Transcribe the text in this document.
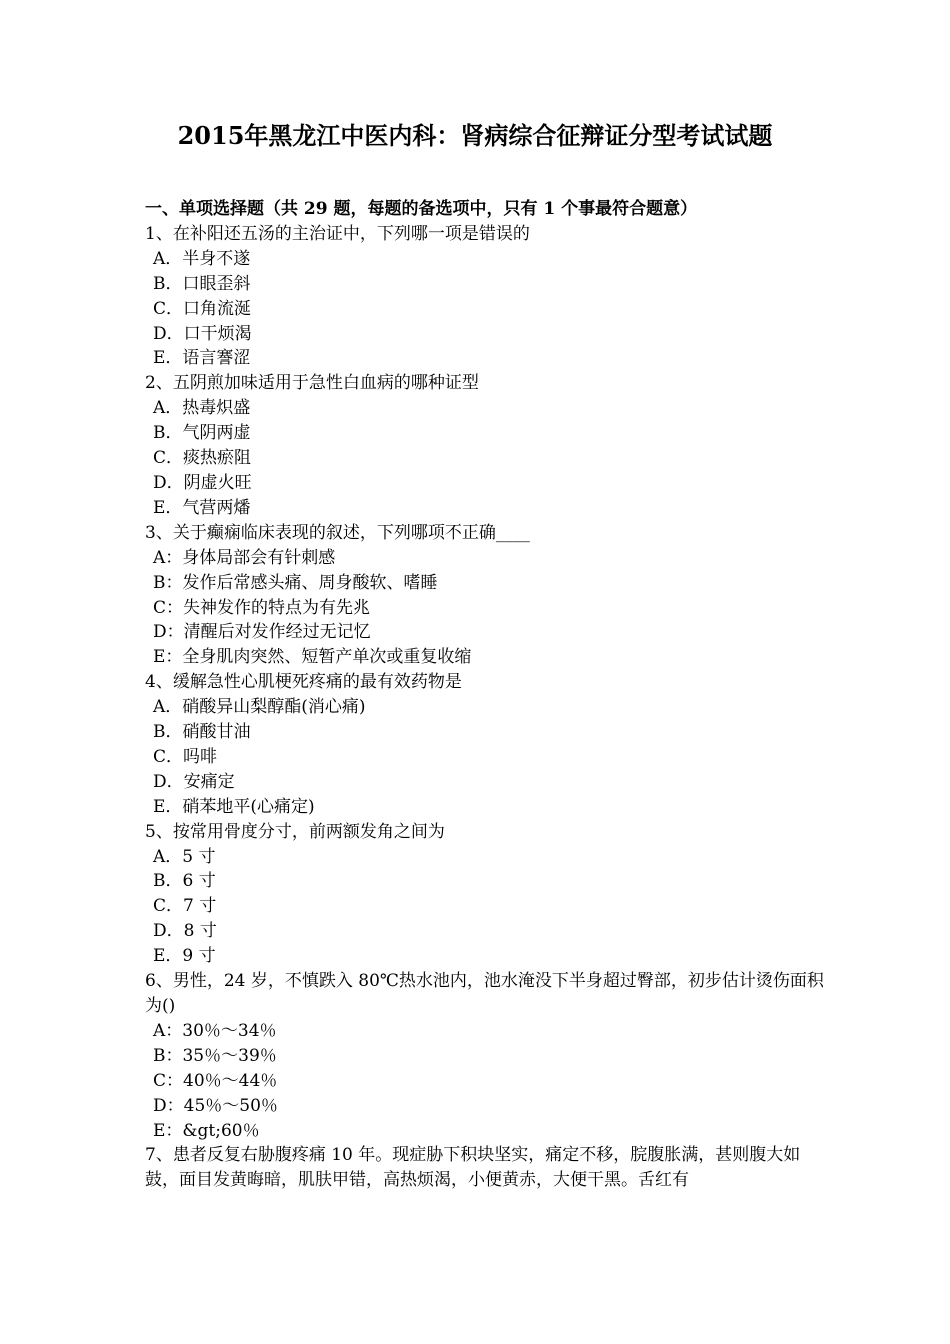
2015年黑龙江中医内科：肾病综合征辩证分型考试试题
一、单项选择题（共 29 题，每题的备选项中，只有 1 个事最符合题意）
1、在补阳还五汤的主治证中，下列哪一项是错误的
A．半身不遂
B．口眼歪斜
C．口角流涎
D．口干烦渴
E．语言謇涩
2、五阴煎加味适用于急性白血病的哪种证型
A．热毒炽盛
B．气阴两虚
C．痰热瘀阻
D．阴虚火旺
E．气营两燔
3、关于癫痫临床表现的叙述，下列哪项不正确____
A：身体局部会有针刺感
B：发作后常感头痛、周身酸软、嗜睡
C：失神发作的特点为有先兆
D：清醒后对发作经过无记忆
E：全身肌肉突然、短暂产单次或重复收缩
4、缓解急性心肌梗死疼痛的最有效药物是
A．硝酸异山梨醇酯(消心痛)
B．硝酸甘油
C．吗啡
D．安痛定
E．硝苯地平(心痛定)
5、按常用骨度分寸，前两额发角之间为
A．5 寸
B．6 寸
C．7 寸
D．8 寸
E．9 寸
6、男性，24 岁，不慎跌入 80℃热水池内，池水淹没下半身超过臀部，初步估计烫伤面积为()
A：30％～34％
B：35％～39％
C：40％～44％
D：45％～50％
E：&gt;60％
7、患者反复右胁腹疼痛 10 年。现症胁下积块坚实，痛定不移，脘腹胀满，甚则腹大如鼓，面目发黄晦暗，肌肤甲错，高热烦渴，小便黄赤，大便干黑。舌红有
